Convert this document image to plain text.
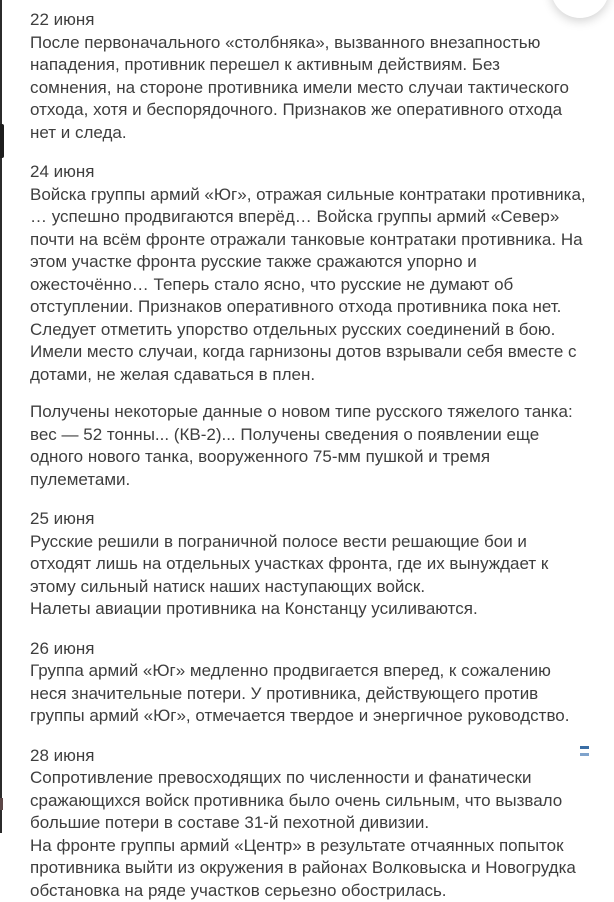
22 июня

После первоначального «столбняка», вызванного внезапностью нападения, противник перешел к активным действиям. Без сомнения, на стороне противника имели место случаи тактического отхода, хотя и беспорядочного. Признаков же оперативного отхода нет и следа.

24 июня

Войска группы армий «Юг», отражая сильные контратаки противника, … успешно продвигаются вперёд… Войска группы армий «Север» почти на всём фронте отражали танковые контратаки противника. На этом участке фронта русские также сражаются упорно и ожесточённо… Теперь стало ясно, что русские не думают об отступлении. Признаков оперативного отхода противника пока нет.

Следует отметить упорство отдельных русских соединений в бою. Имели место случаи, когда гарнизоны дотов взрывали себя вместе с дотами, не желая сдаваться в плен.

Получены некоторые данные о новом типе русского тяжелого танка: вес — 52 тонны... (КВ-2)... Получены сведения о появлении еще одного нового танка, вооруженного 75-мм пушкой и тремя пулеметами.

25 июня

Русские решили в пограничной полосе вести решающие бои и отходят лишь на отдельных участках фронта, где их вынуждает к этому сильный натиск наших наступающих войск.

Налеты авиации противника на Констанцу усиливаются.

26 июня

Группа армий «Юг» медленно продвигается вперед, к сожалению неся значительные потери. У противника, действующего против группы армий «Юг», отмечается твердое и энергичное руководство.

28 июня

Сопротивление превосходящих по численности и фанатически сражающихся войск противника было очень сильным, что вызвало большие потери в составе 31-й пехотной дивизии.

На фронте группы армий «Центр» в результате отчаянных попыток противника выйти из окружения в районах Волковыска и Новогрудка обстановка на ряде участков серьезно обострилась.
